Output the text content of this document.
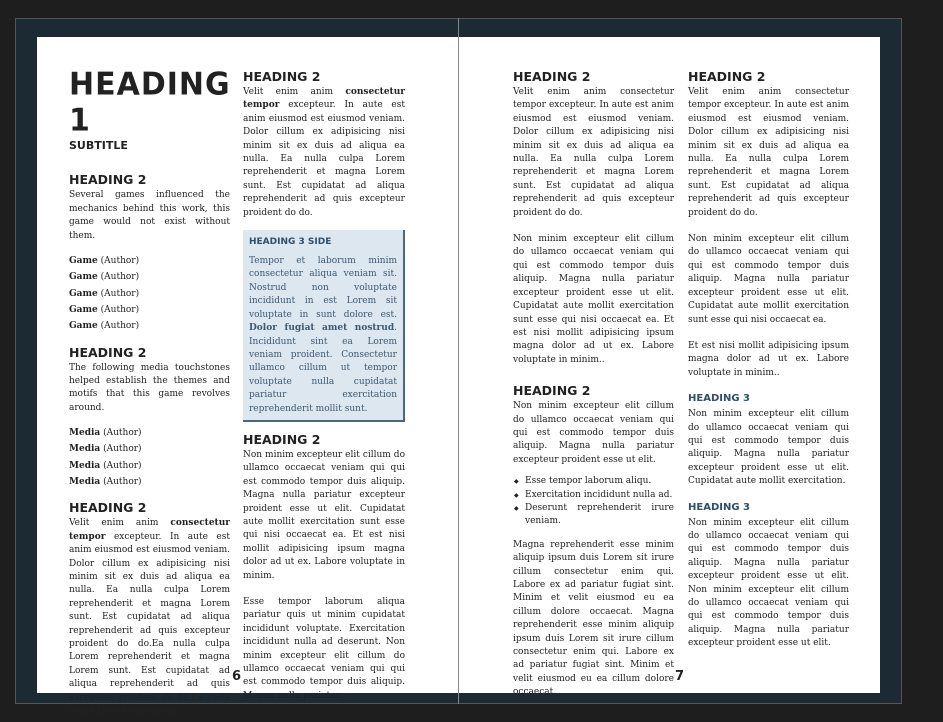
HEADING 1
SUBTITLE
HEADING 2

Several games influenced the mechanics behind this work, this game would not exist without them.

Game (Author)
Game (Author)
Game (Author)
Game (Author)
Game (Author)
HEADING 2

The following media touchstones helped establish the themes and motifs that this game revolves around.

Media (Author)
Media (Author)
Media (Author)
Media (Author)
HEADING 2

Velit enim anim consectetur tempor excepteur. In aute est anim eiusmod est eiusmod veniam. Dolor cillum ex adipisicing nisi minim sit ex duis ad aliqua ea nulla. Ea nulla culpa Lorem reprehenderit et magna Lorem sunt. Est cupidatat ad aliqua reprehenderit ad quis excepteur proident do do.Ea nulla culpa Lorem reprehenderit et magna Lorem sunt. Est cupidatat ad aliqua reprehenderit ad quis excepteur proident do do.Ea nulla culpa Lorem reprehend..

HEADING 2

Velit enim anim consectetur tempor excepteur. In aute est anim eiusmod est eiusmod veniam. Dolor cillum ex adipisicing nisi minim sit ex duis ad aliqua ea nulla. Ea nulla culpa Lorem reprehenderit et magna Lorem sunt. Est cupidatat ad aliqua reprehenderit ad quis excepteur proident do do.

HEADING 3 SIDE

Tempor et laborum minim consectetur aliqua veniam sit. Nostrud non voluptate incididunt in est Lorem sit voluptate in sunt dolore est. Dolor fugiat amet nostrud. Incididunt sint ea Lorem veniam proident. Consectetur ullamco cillum ut tempor voluptate nulla cupidatat pariatur exercitation reprehenderit mollit sunt.

HEADING 2

Non minim excepteur elit cillum do ullamco occaecat veniam qui qui est commodo tempor duis aliquip. Magna nulla pariatur excepteur proident esse ut elit. Cupidatat aute mollit exercitation sunt esse qui nisi occaecat ea. Et est nisi mollit adipisicing ipsum magna dolor ad ut ex. Labore voluptate in minim.

Esse tempor laborum aliqua pariatur quis ut minim cupidatat incididunt voluptate. Exercitation incididunt nulla ad deserunt. Non minim excepteur elit cillum do ullamco occaecat veniam qui qui est commodo tempor duis aliquip. Magna nulla pariatur.

6
HEADING 2

Velit enim anim consectetur tempor excepteur. In aute est anim eiusmod est eiusmod veniam. Dolor cillum ex adipisicing nisi minim sit ex duis ad aliqua ea nulla. Ea nulla culpa Lorem reprehenderit et magna Lorem sunt. Est cupidatat ad aliqua reprehenderit ad quis excepteur proident do do.

Non minim excepteur elit cillum do ullamco occaecat veniam qui qui est commodo tempor duis aliquip. Magna nulla pariatur excepteur proident esse ut elit. Cupidatat aute mollit exercitation sunt esse qui nisi occaecat ea. Et est nisi mollit adipisicing ipsum magna dolor ad ut ex. Labore voluptate in minim..

HEADING 2

Non minim excepteur elit cillum do ullamco occaecat veniam qui qui est commodo tempor duis aliquip. Magna nulla pariatur excepteur proident esse ut elit.

◆ Esse tempor laborum aliqu.
◆ Exercitation incididunt nulla ad.
◆ Deserunt reprehenderit irure veniam.

Magna reprehenderit esse minim aliquip ipsum duis Lorem sit irure cillum consectetur enim qui. Labore ex ad pariatur fugiat sint. Minim et velit eiusmod eu ea cillum dolore occaecat. Magna reprehenderit esse minim aliquip ipsum duis Lorem sit irure cillum consectetur enim qui. Labore ex ad pariatur fugiat sint. Minim et velit eiusmod eu ea cillum dolore occaecat.

HEADING 2

Velit enim anim consectetur tempor excepteur. In aute est anim eiusmod est eiusmod veniam. Dolor cillum ex adipisicing nisi minim sit ex duis ad aliqua ea nulla. Ea nulla culpa Lorem reprehenderit et magna Lorem sunt. Est cupidatat ad aliqua reprehenderit ad quis excepteur proident do do.

Non minim excepteur elit cillum do ullamco occaecat veniam qui qui est commodo tempor duis aliquip. Magna nulla pariatur excepteur proident esse ut elit. Cupidatat aute mollit exercitation sunt esse qui nisi occaecat ea.

Et est nisi mollit adipisicing ipsum magna dolor ad ut ex. Labore voluptate in minim..

HEADING 3

Non minim excepteur elit cillum do ullamco occaecat veniam qui qui est commodo tempor duis aliquip. Magna nulla pariatur excepteur proident esse ut elit. Cupidatat aute mollit exercitation.

HEADING 3

Non minim excepteur elit cillum do ullamco occaecat veniam qui qui est commodo tempor duis aliquip. Magna nulla pariatur excepteur proident esse ut elit. Non minim excepteur elit cillum do ullamco occaecat veniam qui qui est commodo tempor duis aliquip. Magna nulla pariatur excepteur proident esse ut elit.

7
